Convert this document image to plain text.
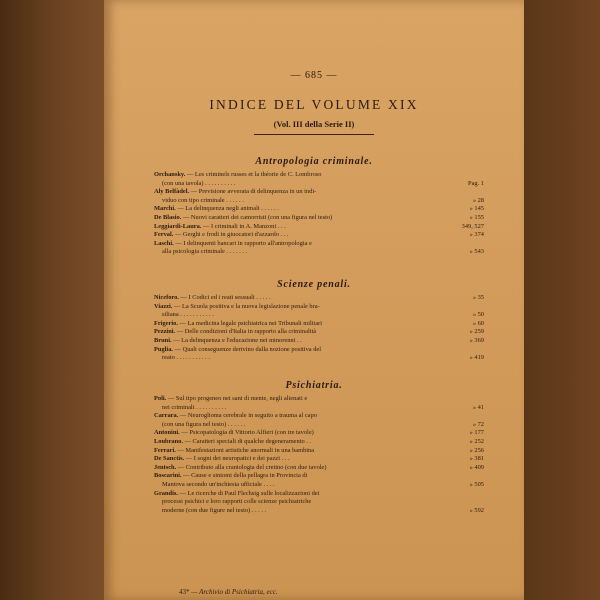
— 685 —
INDICE DEL VOLUME XIX
(Vol. III della Serie II)
Antropologia criminale.
Orchansky. — Les criminels russes et la théorie de C. Lombroso
(con una tavola) . . . . . . . . . .	Pag. 1
Aly Belfàdel. — Previsione avverata di delinquenza in un indi-
viduo con tipo criminale . . . . . .	» 28
Marchi. — La delinquenza negli animali . . . . . .	» 145
De Blasio. — Nuovi caratteri dei camorristi (con una figura nel testo)	» 155
Leggiardi-Laura. — I criminali in A. Manzoni . . .	349, 527
Ferval. — Gerghi e frodi in giuocatori d'azzardo . . .	» 374
Laschi. — I delinquenti bancari in rapporto all'antropologia e
alla psicologia criminale . . . . . . .	» 543
Scienze penali.
Niceforo. — I Codici ed i reati sessuali . . . . .	» 35
Viazzi. — La Scuola positiva e la nuova legislazione penale bra-
siliana . . . . . . . . . . .	» 50
Frigerio. — La medicina legale psichiatrica nei Tribunali militari	» 60
Pezzini. — Delle condizioni d'Italia in rapporto alla criminalità	» 259
Bruni. — La delinquenza e l'educazione nei minorenni . .	» 369
Puglia. — Quali conseguenze derivino dalla nozione positiva del
reato . . . . . . . . . . .	» 419
Psichiatria.
Poli. — Sul tipo progeneo nei sani di mente, negli alienati e
nei criminali . . . . . . . . . .	» 41
Carrara. — Neuroglioma cerebrale in seguito a trauma al capo
(con una figura nel testo) . . . . . .	» 72
Antonini. — Psicopatologia di Vittorio Alfieri (con tre tavole)	» 177
Loubrano. — Caratteri speciali di qualche degeneramento . .	» 252
Ferrari. — Manifestazioni artistiche anormali in una bambina	» 256
De Sanctis. — I sogni dei neuropatici e dei pazzi . . .	» 381
Jentsch. — Contributo alla craniologia del cretino (con due tavole)	» 409
Boscarini. — Cause e sintomi della pellagra in Provincia di
Mantova secondo un'inchiesta ufficiale . . . .	» 505
Grandis. — Le ricerche di Paul Flechsig sulle localizzazioni dei
processi psichici e loro rapporti colle scienze psichiatriche
moderne (con due figure nel testo) . . . . .	» 592
43* — Archivio di Psichiatria, ecc.
